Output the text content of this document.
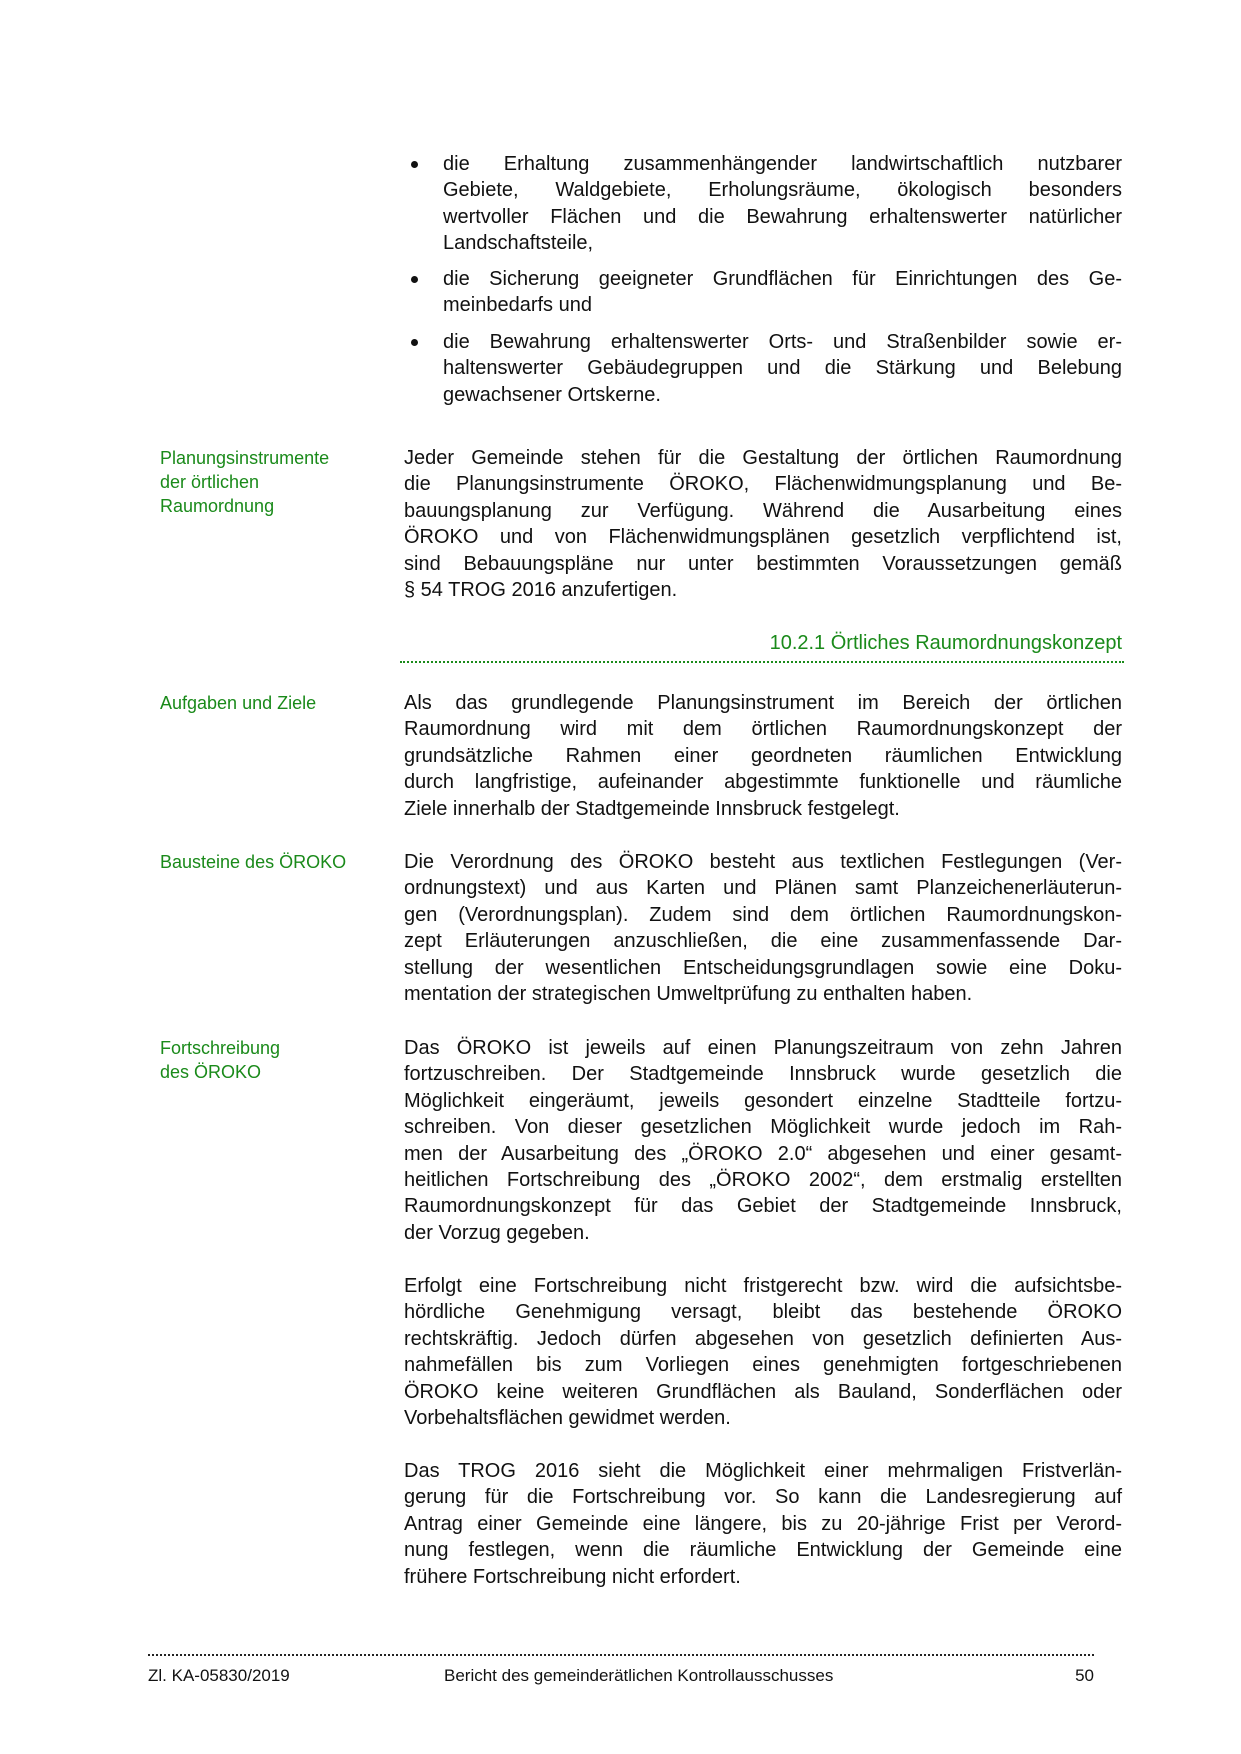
die Erhaltung zusammenhängender landwirtschaftlich nutzbarer
Gebiete, Waldgebiete, Erholungsräume, ökologisch besonders
wertvoller Flächen und die Bewahrung erhaltenswerter natürlicher
Landschaftsteile,
die Sicherung geeigneter Grundflächen für Einrichtungen des Ge-
meinbedarfs und
die Bewahrung erhaltenswerter Orts- und Straßenbilder sowie er-
haltenswerter Gebäudegruppen und die Stärkung und Belebung
gewachsener Ortskerne.
Jeder Gemeinde stehen für die Gestaltung der örtlichen Raumordnung
die Planungsinstrumente ÖROKO, Flächenwidmungsplanung und Be-
bauungsplanung zur Verfügung. Während die Ausarbeitung eines
ÖROKO und von Flächenwidmungsplänen gesetzlich verpflichtend ist,
sind Bebauungspläne nur unter bestimmten Voraussetzungen gemäß
§ 54 TROG 2016 anzufertigen.
Planungsinstrumente
der örtlichen
Raumordnung
10.2.1 Örtliches Raumordnungskonzept
Als das grundlegende Planungsinstrument im Bereich der örtlichen
Raumordnung wird mit dem örtlichen Raumordnungskonzept der
grundsätzliche Rahmen einer geordneten räumlichen Entwicklung
durch langfristige, aufeinander abgestimmte funktionelle und räumliche
Ziele innerhalb der Stadtgemeinde Innsbruck festgelegt.
Aufgaben und Ziele
Die Verordnung des ÖROKO besteht aus textlichen Festlegungen (Ver-
ordnungstext) und aus Karten und Plänen samt Planzeichenerläuterun-
gen (Verordnungsplan). Zudem sind dem örtlichen Raumordnungskon-
zept Erläuterungen anzuschließen, die eine zusammenfassende Dar-
stellung der wesentlichen Entscheidungsgrundlagen sowie eine Doku-
mentation der strategischen Umweltprüfung zu enthalten haben.
Bausteine des ÖROKO
Das ÖROKO ist jeweils auf einen Planungszeitraum von zehn Jahren
fortzuschreiben. Der Stadtgemeinde Innsbruck wurde gesetzlich die
Möglichkeit eingeräumt, jeweils gesondert einzelne Stadtteile fortzu-
schreiben. Von dieser gesetzlichen Möglichkeit wurde jedoch im Rah-
men der Ausarbeitung des „ÖROKO 2.0“ abgesehen und einer gesamt-
heitlichen Fortschreibung des „ÖROKO 2002“, dem erstmalig erstellten
Raumordnungskonzept für das Gebiet der Stadtgemeinde Innsbruck,
der Vorzug gegeben.
Fortschreibung
des ÖROKO
Erfolgt eine Fortschreibung nicht fristgerecht bzw. wird die aufsichtsbe-
hördliche Genehmigung versagt, bleibt das bestehende ÖROKO
rechtskräftig. Jedoch dürfen abgesehen von gesetzlich definierten Aus-
nahmefällen bis zum Vorliegen eines genehmigten fortgeschriebenen
ÖROKO keine weiteren Grundflächen als Bauland, Sonderflächen oder
Vorbehaltsflächen gewidmet werden.
Das TROG 2016 sieht die Möglichkeit einer mehrmaligen Fristverlän-
gerung für die Fortschreibung vor. So kann die Landesregierung auf
Antrag einer Gemeinde eine längere, bis zu 20-jährige Frist per Verord-
nung festlegen, wenn die räumliche Entwicklung der Gemeinde eine
frühere Fortschreibung nicht erfordert.
Zl. KA-05830/2019	Bericht des gemeinderätlichen Kontrollausschusses	50
